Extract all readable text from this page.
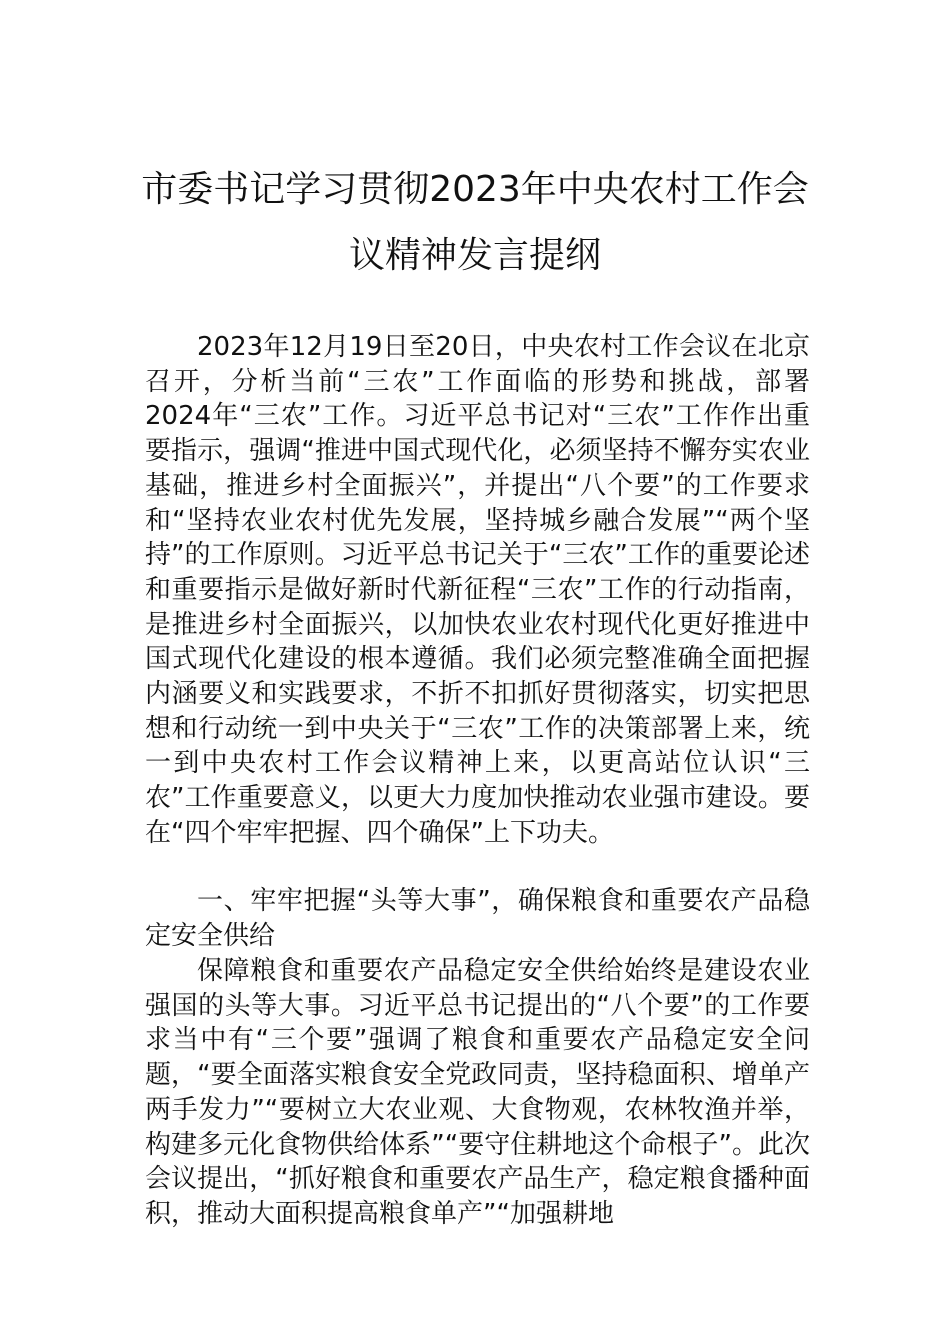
市委书记学习贯彻2023年中央农村工作会
议精神发言提纲

2023年12月19日至20日，中央农村工作会议在北京召开，分析当前“三农”工作面临的形势和挑战，部署2024年“三农”工作。习近平总书记对“三农”工作作出重要指示，强调“推进中国式现代化，必须坚持不懈夯实农业基础，推进乡村全面振兴”，并提出“八个要”的工作要求和“坚持农业农村优先发展，坚持城乡融合发展”“两个坚持”的工作原则。习近平总书记关于“三农”工作的重要论述和重要指示是做好新时代新征程“三农”工作的行动指南，是推进乡村全面振兴，以加快农业农村现代化更好推进中国式现代化建设的根本遵循。我们必须完整准确全面把握内涵要义和实践要求，不折不扣抓好贯彻落实，切实把思想和行动统一到中央关于“三农”工作的决策部署上来，统一到中央农村工作会议精神上来，以更高站位认识“三农”工作重要意义，以更大力度加快推动农业强市建设。要在“四个牢牢把握、四个确保”上下功夫。

一、牢牢把握“头等大事”，确保粮食和重要农产品稳定安全供给

保障粮食和重要农产品稳定安全供给始终是建设农业强国的头等大事。习近平总书记提出的“八个要”的工作要求当中有“三个要”强调了粮食和重要农产品稳定安全问题，“要全面落实粮食安全党政同责，坚持稳面积、增单产两手发力”“要树立大农业观、大食物观，农林牧渔并举，构建多元化食物供给体系”“要守住耕地这个命根子”。此次会议提出，“抓好粮食和重要农产品生产，稳定粮食播种面积，推动大面积提高粮食单产”“加强耕地
